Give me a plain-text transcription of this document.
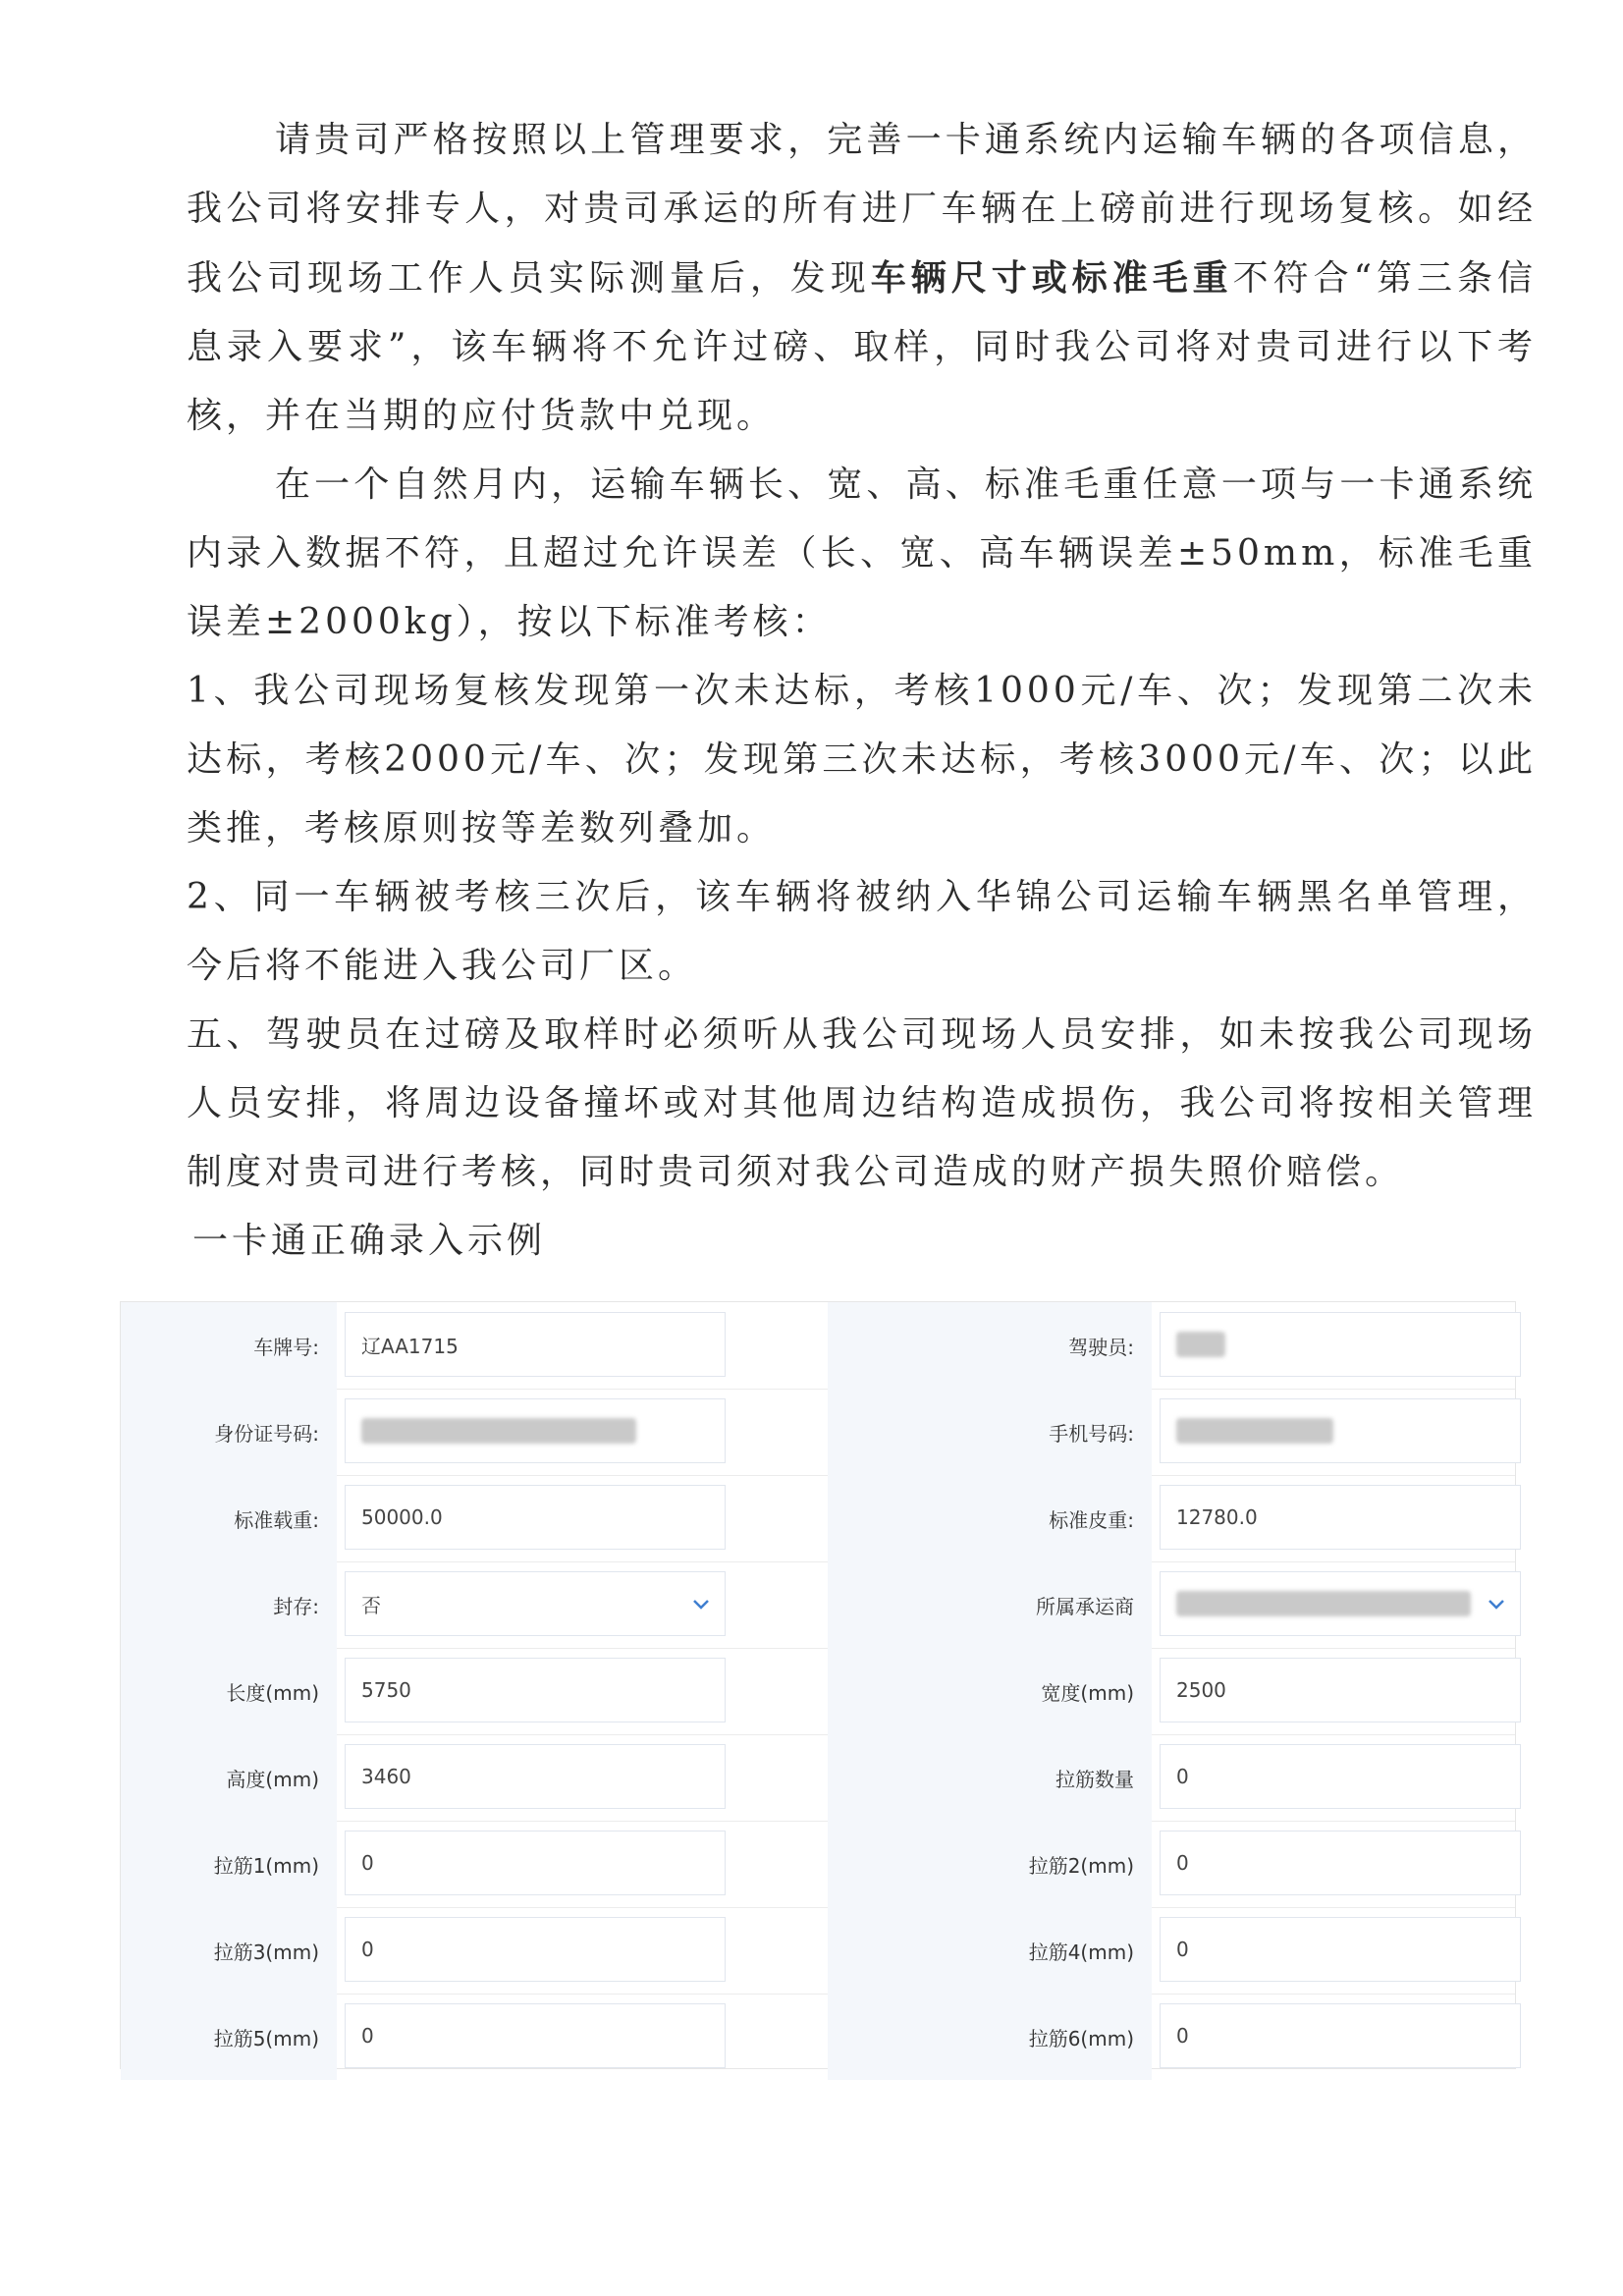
请贵司严格按照以上管理要求，完善一卡通系统内运输车辆的各项信息，我公司将安排专人，对贵司承运的所有进厂车辆在上磅前进行现场复核。如经我公司现场工作人员实际测量后，发现车辆尺寸或标准毛重不符合“第三条信息录入要求”，该车辆将不允许过磅、取样，同时我公司将对贵司进行以下考核，并在当期的应付货款中兑现。

在一个自然月内，运输车辆长、宽、高、标准毛重任意一项与一卡通系统内录入数据不符，且超过允许误差（长、宽、高车辆误差±50mm，标准毛重误差±2000kg），按以下标准考核：

1、我公司现场复核发现第一次未达标，考核1000元/车、次；发现第二次未达标，考核2000元/车、次；发现第三次未达标，考核3000元/车、次；以此类推，考核原则按等差数列叠加。

2、同一车辆被考核三次后，该车辆将被纳入华锦公司运输车辆黑名单管理，今后将不能进入我公司厂区。

五、驾驶员在过磅及取样时必须听从我公司现场人员安排，如未按我公司现场人员安排，将周边设备撞坏或对其他周边结构造成损伤，我公司将按相关管理制度对贵司进行考核，同时贵司须对我公司造成的财产损失照价赔偿。

一卡通正确录入示例

车牌号:	辽AA1715	驾驶员:
身份证号码:	手机号码:
标准载重:	50000.0	标准皮重:	12780.0
封存:	否	所属承运商
长度(mm)	5750	宽度(mm)	2500
高度(mm)	3460	拉筋数量	0
拉筋1(mm)	0	拉筋2(mm)	0
拉筋3(mm)	0	拉筋4(mm)	0
拉筋5(mm)	0	拉筋6(mm)	0
